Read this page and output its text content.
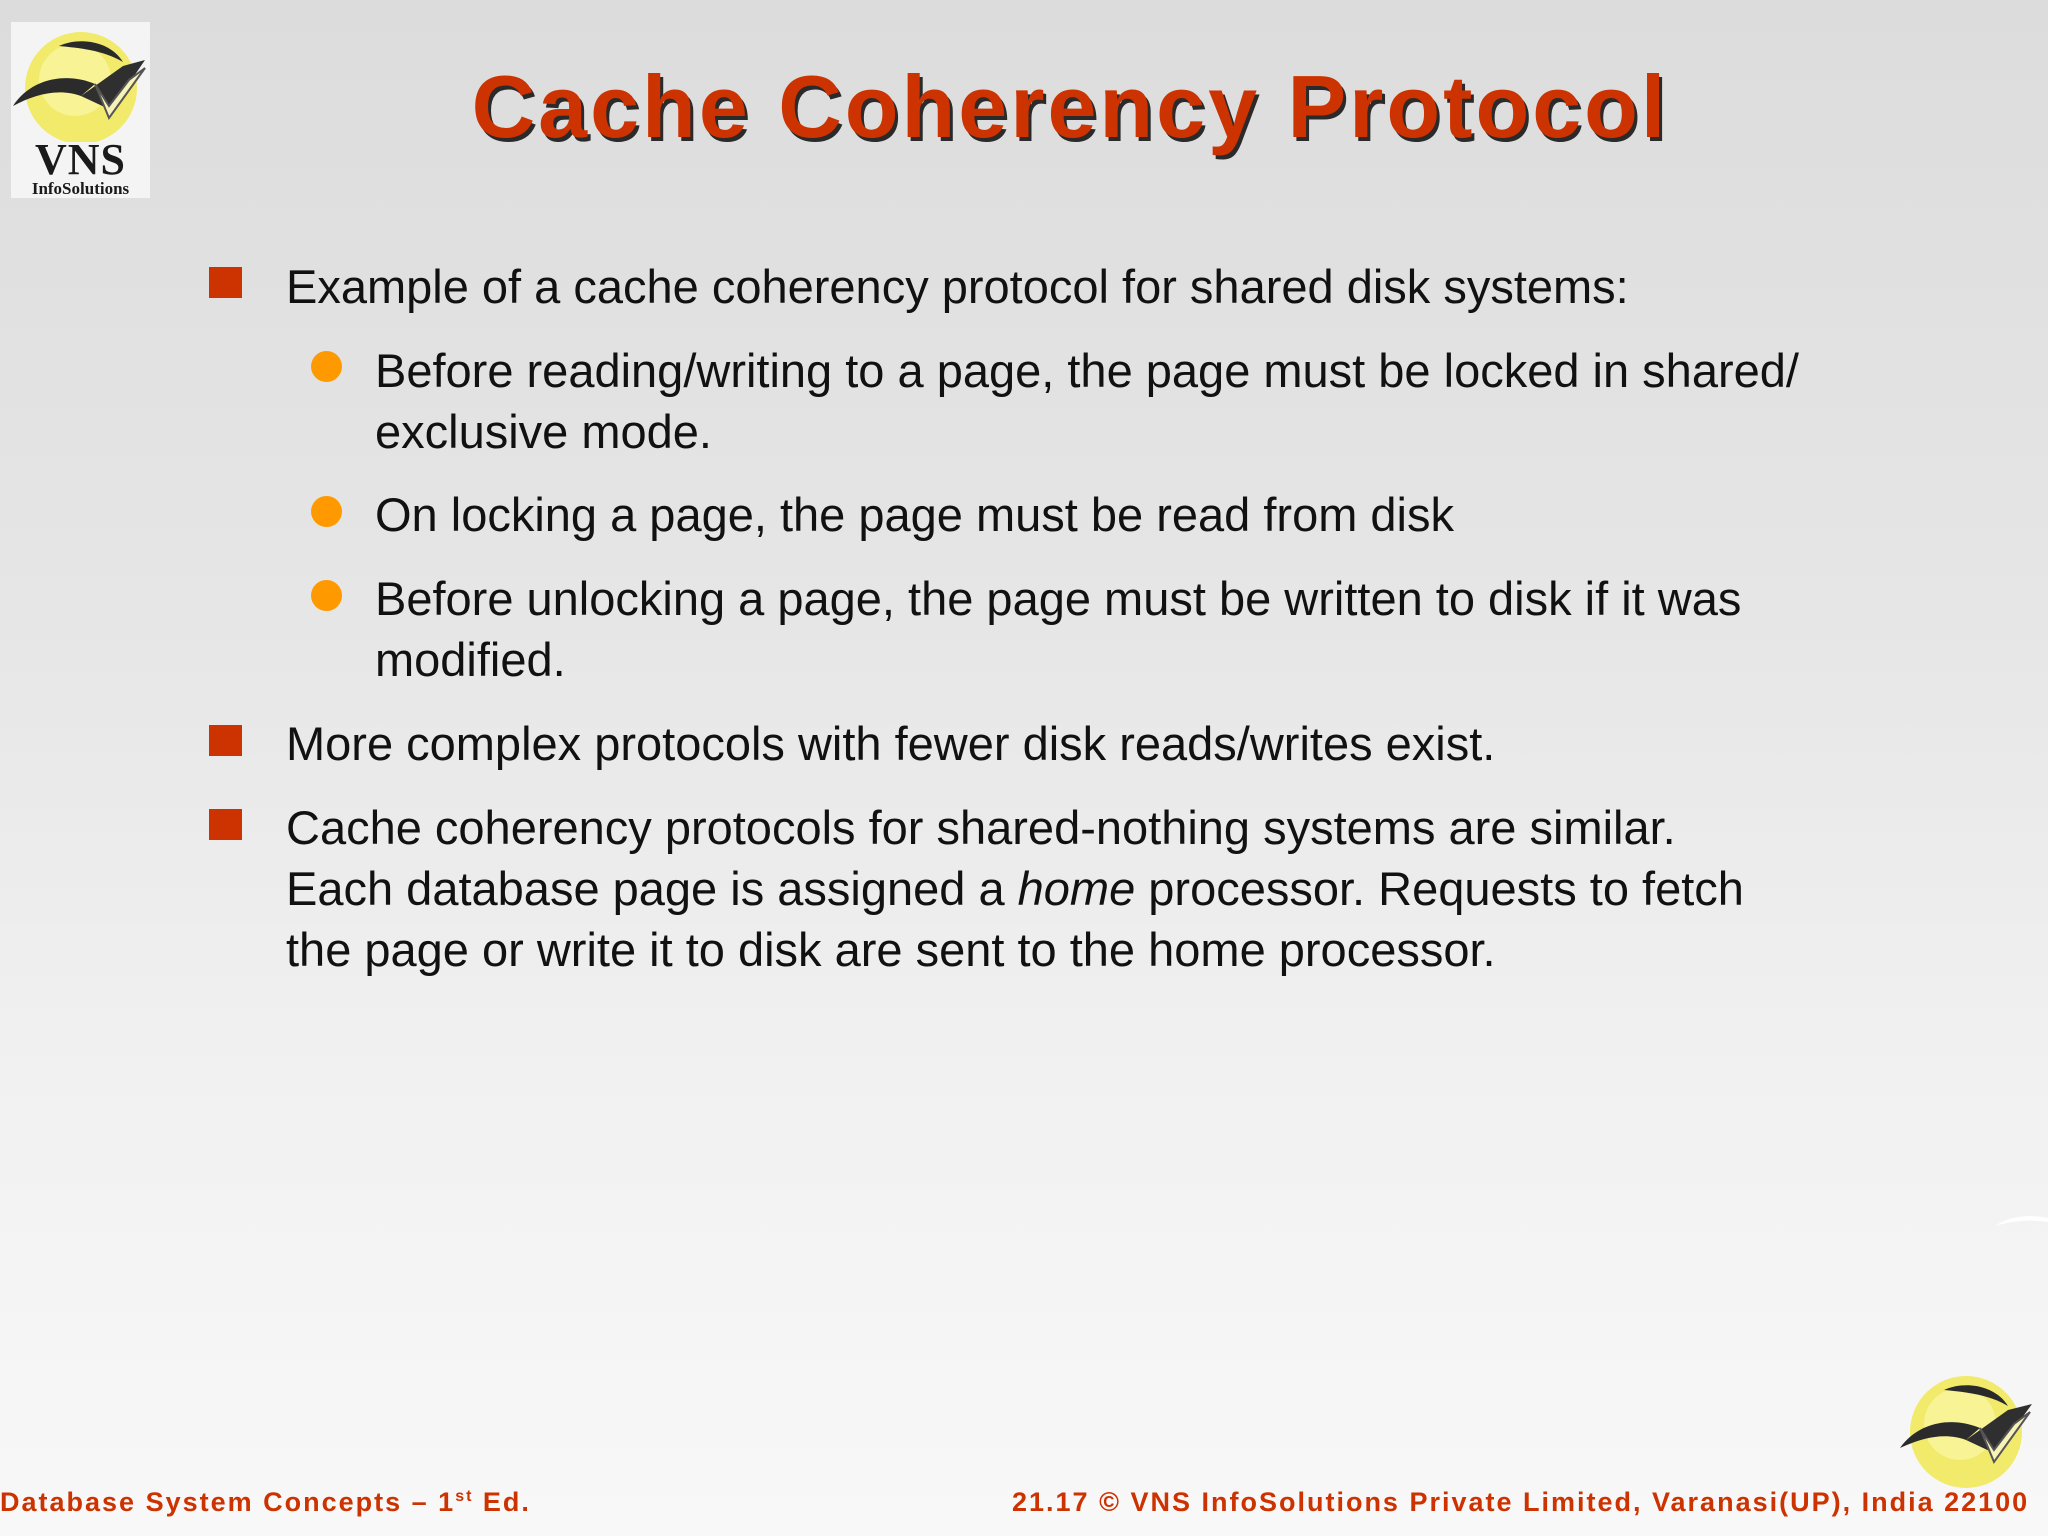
VNS
InfoSolutions
Cache Coherency Protocol
Example of a cache coherency protocol for shared disk systems:
Before reading/writing to a page, the page must be locked in shared/
exclusive mode.
On locking a page, the page must be read from disk
Before unlocking a page, the page must be written to disk if it was
modified.
More complex protocols with fewer disk reads/writes exist.
Cache coherency protocols for shared-nothing systems are similar.
Each database page is assigned a home processor. Requests to fetch
the page or write it to disk are sent to the home processor.
Database System Concepts – 1st Ed.	21.17 © VNS InfoSolutions Private Limited, Varanasi(UP), India 22100
